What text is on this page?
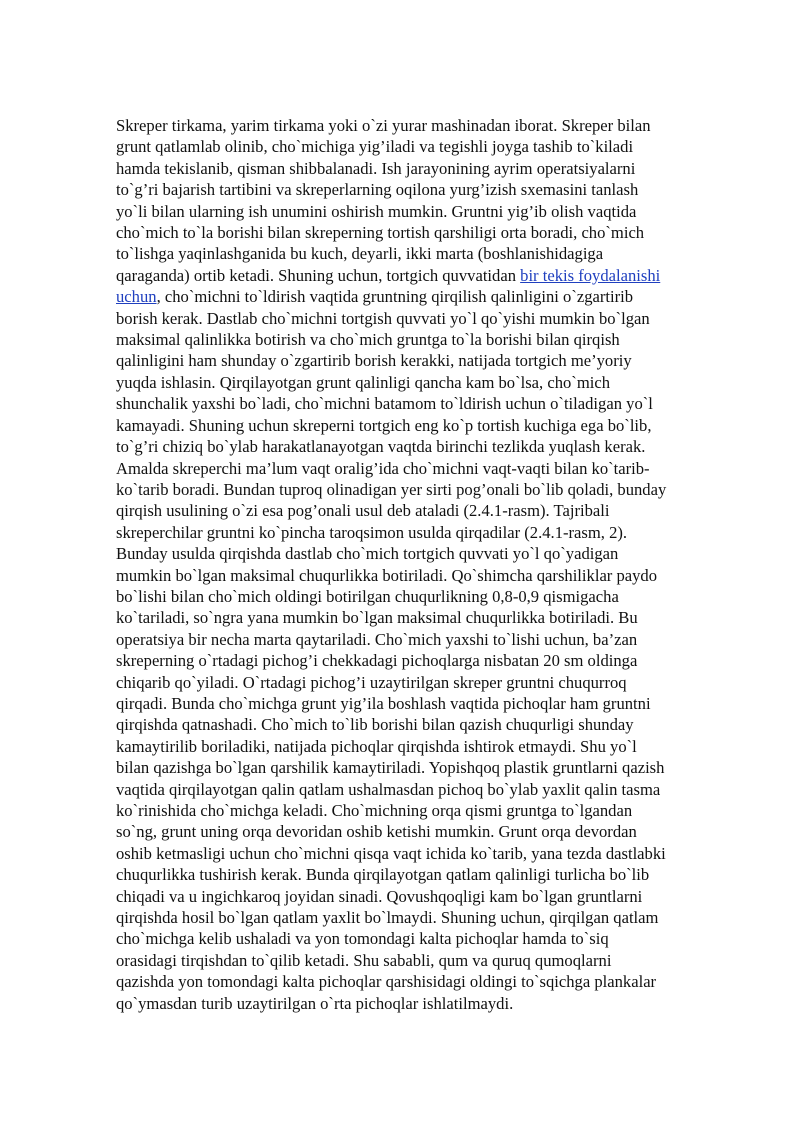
Skreper tirkama, yarim tirkama yoki o`zi yurar mashinadan iborat. Skreper bilan
grunt qatlamlab olinib, cho`michiga yig’iladi va tegishli joyga tashib to`kiladi
hamda tekislanib, qisman shibbalanadi. Ish jarayonining ayrim operatsiyalarni
to`g’ri bajarish tartibini va skreperlarning oqilona yurg’izish sxemasini tanlash
yo`li bilan ularning ish unumini oshirish mumkin. Gruntni yig’ib olish vaqtida
cho`mich to`la borishi bilan skreperning tortish qarshiligi orta boradi, cho`mich
to`lishga yaqinlashganida bu kuch, deyarli, ikki marta (boshlanishidagiga
qaraganda) ortib ketadi. Shuning uchun, tortgich quvvatidan bir tekis foydalanishi
uchun, cho`michni to`ldirish vaqtida gruntning qirqilish qalinligini o`zgartirib
borish kerak. Dastlab cho`michni tortgish quvvati yo`l qo`yishi mumkin bo`lgan
maksimal qalinlikka botirish va cho`mich gruntga to`la borishi bilan qirqish
qalinligini ham shunday o`zgartirib borish kerakki, natijada tortgich me’yoriy
yuqda ishlasin. Qirqilayotgan grunt qalinligi qancha kam bo`lsa, cho`mich
shunchalik yaxshi bo`ladi, cho`michni batamom to`ldirish uchun o`tiladigan yo`l
kamayadi. Shuning uchun skreperni tortgich eng ko`p tortish kuchiga ega bo`lib,
to`g’ri chiziq bo`ylab harakatlanayotgan vaqtda birinchi tezlikda yuqlash kerak.
Amalda skreperchi ma’lum vaqt oralig’ida cho`michni vaqt-vaqti bilan ko`tarib-
ko`tarib boradi. Bundan tuproq olinadigan yer sirti pog’onali bo`lib qoladi, bunday
qirqish usulining o`zi esa pog’onali usul deb ataladi (2.4.1-rasm). Tajribali
skreperchilar gruntni ko`pincha taroqsimon usulda qirqadilar (2.4.1-rasm, 2).
Bunday usulda qirqishda dastlab cho`mich tortgich quvvati yo`l qo`yadigan
mumkin bo`lgan maksimal chuqurlikka botiriladi. Qo`shimcha qarshiliklar paydo
bo`lishi bilan cho`mich oldingi botirilgan chuqurlikning 0,8-0,9 qismigacha
ko`tariladi, so`ngra yana mumkin bo`lgan maksimal chuqurlikka botiriladi. Bu
operatsiya bir necha marta qaytariladi. Cho`mich yaxshi to`lishi uchun, ba’zan
skreperning o`rtadagi pichog’i chekkadagi pichoqlarga nisbatan 20 sm oldinga
chiqarib qo`yiladi. O`rtadagi pichog’i uzaytirilgan skreper gruntni chuqurroq
qirqadi. Bunda cho`michga grunt yig’ila boshlash vaqtida pichoqlar ham gruntni
qirqishda qatnashadi. Cho`mich to`lib borishi bilan qazish chuqurligi shunday
kamaytirilib boriladiki, natijada pichoqlar qirqishda ishtirok etmaydi. Shu yo`l
bilan qazishga bo`lgan qarshilik kamaytiriladi. Yopishqoq plastik gruntlarni qazish
vaqtida qirqilayotgan qalin qatlam ushalmasdan pichoq bo`ylab yaxlit qalin tasma
ko`rinishida cho`michga keladi. Cho`michning orqa qismi gruntga to`lgandan
so`ng, grunt uning orqa devoridan oshib ketishi mumkin. Grunt orqa devordan
oshib ketmasligi uchun cho`michni qisqa vaqt ichida ko`tarib, yana tezda dastlabki
chuqurlikka tushirish kerak. Bunda qirqilayotgan qatlam qalinligi turlicha bo`lib
chiqadi va u ingichkaroq joyidan sinadi. Qovushqoqligi kam bo`lgan gruntlarni
qirqishda hosil bo`lgan qatlam yaxlit bo`lmaydi. Shuning uchun, qirqilgan qatlam
cho`michga kelib ushaladi va yon tomondagi kalta pichoqlar hamda to`siq
orasidagi tirqishdan to`qilib ketadi. Shu sababli, qum va quruq qumoqlarni
qazishda yon tomondagi kalta pichoqlar qarshisidagi oldingi to`sqichga plankalar
qo`ymasdan turib uzaytirilgan o`rta pichoqlar ishlatilmaydi.
